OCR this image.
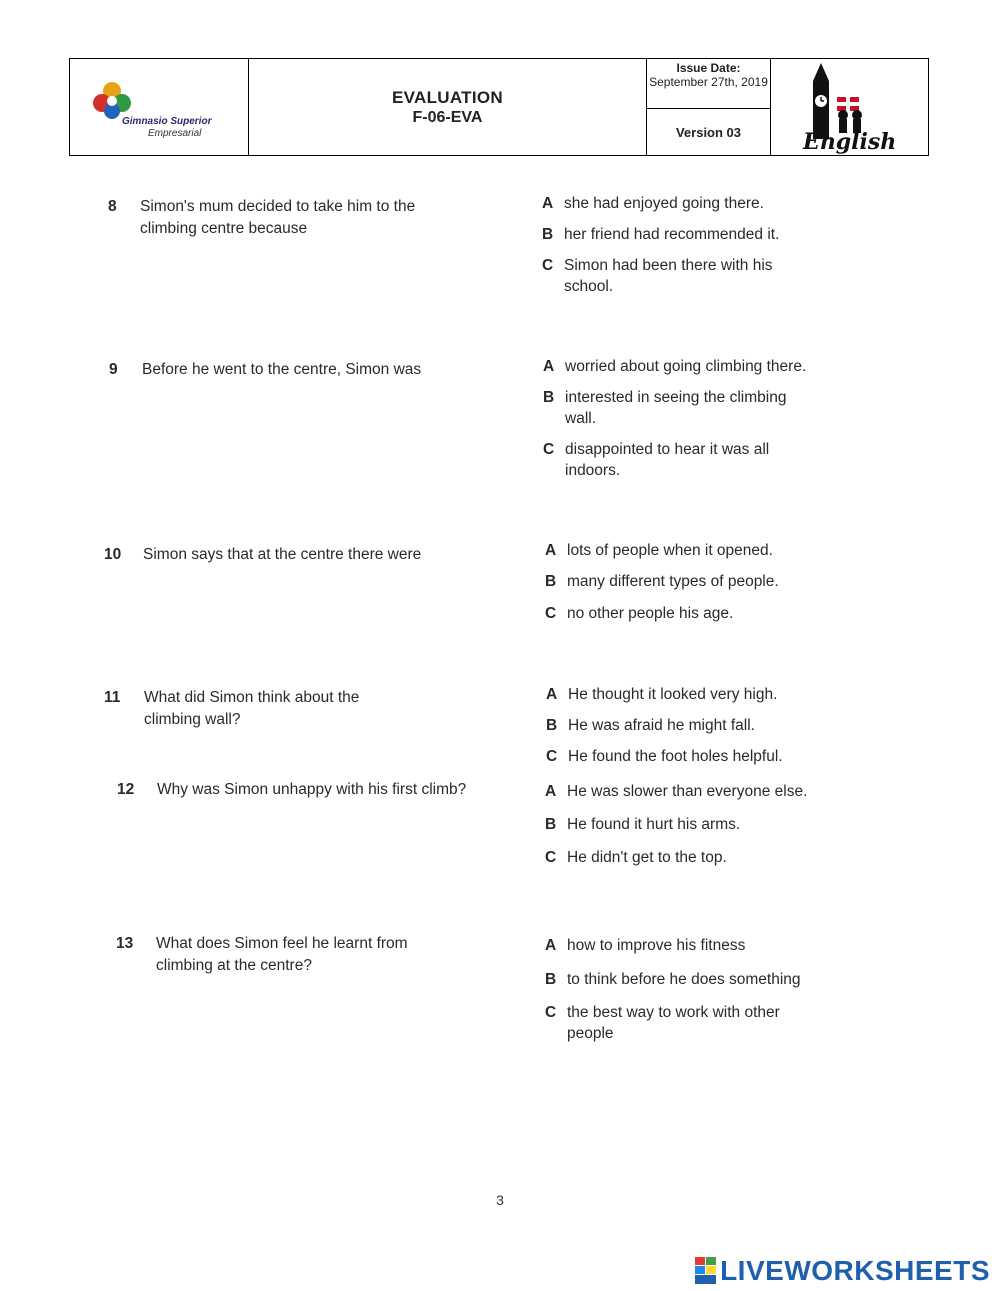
Gimnasio Superior
Empresarial
EVALUATION
F-06-EVA
Issue Date:
September 27th, 2019
Version 03	English
8 Simon's mum decided to take him to the climbing centre because
A she had enjoyed going there.
B her friend had recommended it.
C Simon had been there with his school.
9 Before he went to the centre, Simon was	A worried about going climbing there.
B interested in seeing the climbing wall.
C disappointed to hear it was all indoors.
10 Simon says that at the centre there were	A lots of people when it opened.
B many different types of people.
C no other people his age.
11 What did Simon think about the climbing wall?
A He thought it looked very high.
B He was afraid he might fall.
C He found the foot holes helpful.
12 Why was Simon unhappy with his first climb?	A He was slower than everyone else.
B He found it hurt his arms.
C He didn't get to the top.
13 What does Simon feel he learnt from climbing at the centre?
A how to improve his fitness
B to think before he does something
C the best way to work with other people
3
LIVEWORKSHEETS
